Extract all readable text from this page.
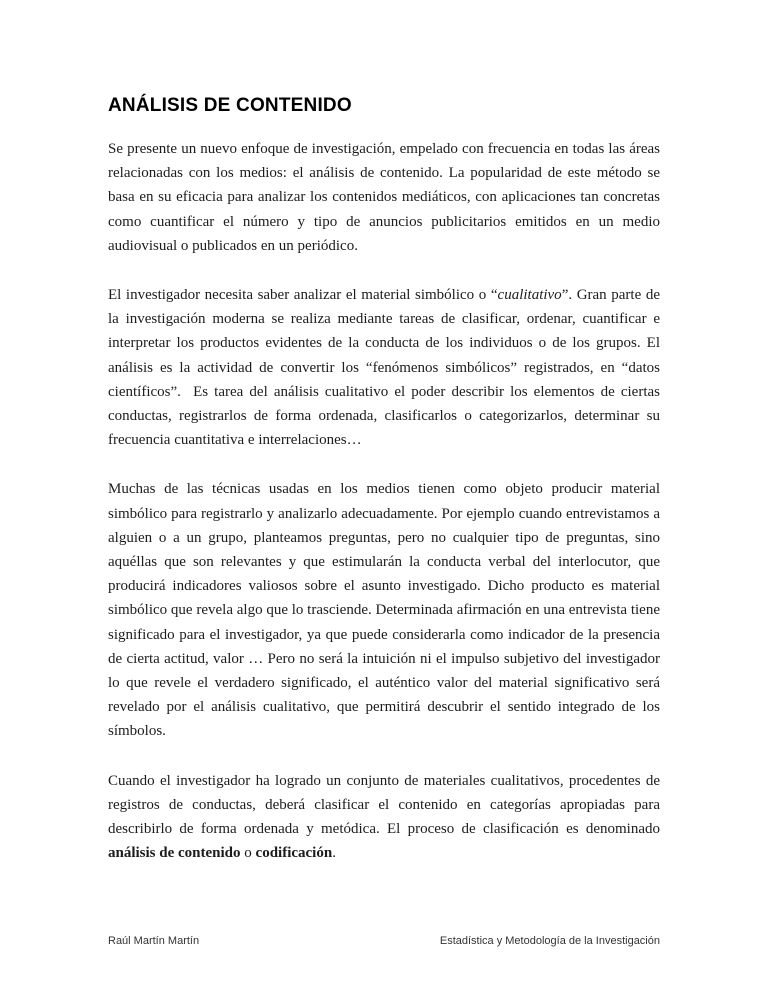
ANÁLISIS DE CONTENIDO

Se presente un nuevo enfoque de investigación, empelado con frecuencia en todas las áreas relacionadas con los medios: el análisis de contenido. La popularidad de este método se basa en su eficacia para analizar los contenidos mediáticos, con aplicaciones tan concretas como cuantificar el número y tipo de anuncios publicitarios emitidos en un medio audiovisual o publicados en un periódico.

El investigador necesita saber analizar el material simbólico o “cualitativo”. Gran parte de la investigación moderna se realiza mediante tareas de clasificar, ordenar, cuantificar e interpretar los productos evidentes de la conducta de los individuos o de los grupos. El análisis es la actividad de convertir los “fenómenos simbólicos” registrados, en “datos científicos”.  Es tarea del análisis cualitativo el poder describir los elementos de ciertas conductas, registrarlos de forma ordenada, clasificarlos o categorizarlos, determinar su frecuencia cuantitativa e interrelaciones…

Muchas de las técnicas usadas en los medios tienen como objeto producir material simbólico para registrarlo y analizarlo adecuadamente. Por ejemplo cuando entrevistamos a alguien o a un grupo, planteamos preguntas, pero no cualquier tipo de preguntas, sino aquéllas que son relevantes y que estimularán la conducta verbal del interlocutor, que producirá indicadores valiosos sobre el asunto investigado. Dicho producto es material simbólico que revela algo que lo trasciende. Determinada afirmación en una entrevista tiene significado para el investigador, ya que puede considerarla como indicador de la presencia de cierta actitud, valor … Pero no será la intuición ni el impulso subjetivo del investigador lo que revele el verdadero significado, el auténtico valor del material significativo será revelado por el análisis cualitativo, que permitirá descubrir el sentido integrado de los símbolos.

Cuando el investigador ha logrado un conjunto de materiales cualitativos, procedentes de registros de conductas, deberá clasificar el contenido en categorías apropiadas para describirlo de forma ordenada y metódica. El proceso de clasificación es denominado análisis de contenido o codificación.

Raúl Martín Martín	Estadística y Metodología de la Investigación
